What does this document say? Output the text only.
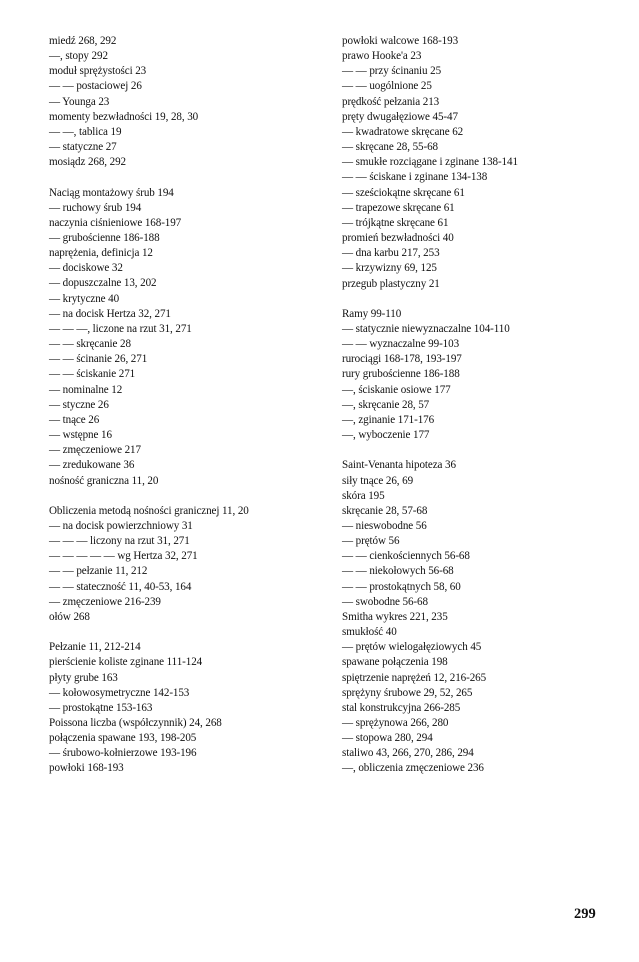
miedź 268, 292
—, stopy 292
moduł sprężystości 23
— — postaciowej 26
— Younga 23
momenty bezwładności 19, 28, 30
— —, tablica 19
— statyczne 27
mosiądz 268, 292
Naciąg montażowy śrub 194
— ruchowy śrub 194
naczynia ciśnieniowe 168-197
— grubościenne 186-188
naprężenia, definicja 12
— dociskowe 32
— dopuszczalne 13, 202
— krytyczne 40
— na docisk Hertza 32, 271
— — —, liczone na rzut 31, 271
— — skręcanie 28
— — ścinanie 26, 271
— — ściskanie 271
— nominalne 12
— styczne 26
— tnące 26
— wstępne 16
— zmęczeniowe 217
— zredukowane 36
nośność graniczna 11, 20
Obliczenia metodą nośności granicznej 11, 20
— na docisk powierzchniowy 31
— — — liczony na rzut 31, 271
— — — — — wg Hertza 32, 271
— — pełzanie 11, 212
— — stateczność 11, 40-53, 164
— zmęczeniowe 216-239
ołów 268
Pełzanie 11, 212-214
pierścienie koliste zginane 111-124
płyty grube 163
— kołowosymetryczne 142-153
— prostokątne 153-163
Poissona liczba (współczynnik) 24, 268
połączenia spawane 193, 198-205
— śrubowo-kołnierzowe 193-196
powłoki 168-193
powłoki walcowe 168-193
prawo Hooke'a 23
— — przy ścinaniu 25
— — uogólnione 25
prędkość pełzania 213
pręty dwugałęziowe 45-47
— kwadratowe skręcane 62
— skręcane 28, 55-68
— smukłe rozciągane i zginane 138-141
— — ściskane i zginane 134-138
— sześciokątne skręcane 61
— trapezowe skręcane 61
— trójkątne skręcane 61
promień bezwładności 40
— dna karbu 217, 253
— krzywizny 69, 125
przegub plastyczny 21
Ramy 99-110
— statycznie niewyznaczalne 104-110
— — wyznaczalne 99-103
rurociągi 168-178, 193-197
rury grubościenne 186-188
—, ściskanie osiowe 177
—, skręcanie 28, 57
—, zginanie 171-176
—, wyboczenie 177
Saint-Venanta hipoteza 36
siły tnące 26, 69
skóra 195
skręcanie 28, 57-68
— nieswobodne 56
— prętów 56
— — cienkościennych 56-68
— — niekołowych 56-68
— — prostokątnych 58, 60
— swobodne 56-68
Smitha wykres 221, 235
smukłość 40
— prętów wielogałęziowych 45
spawane połączenia 198
spiętrzenie naprężeń 12, 216-265
sprężyny śrubowe 29, 52, 265
stal konstrukcyjna 266-285
— sprężynowa 266, 280
— stopowa 280, 294
staliwo 43, 266, 270, 286, 294
—, obliczenia zmęczeniowe 236
299
